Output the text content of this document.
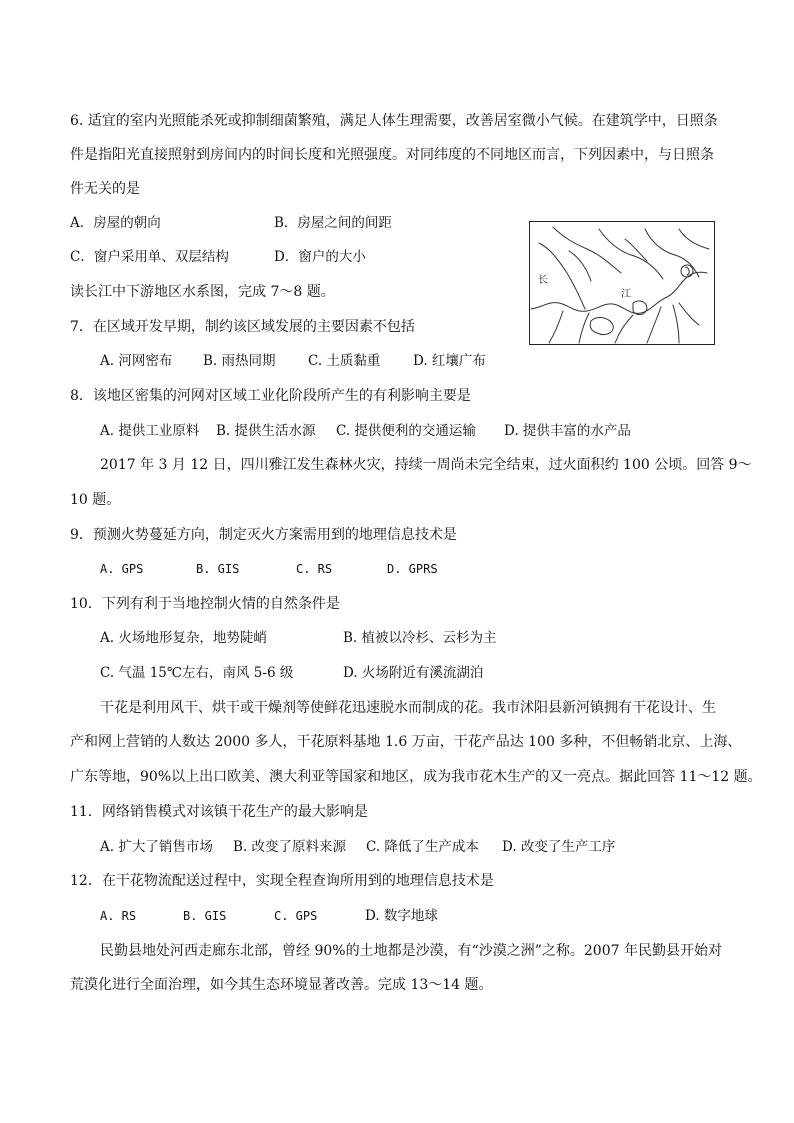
6. 适宜的室内光照能杀死或抑制细菌繁殖，满足人体生理需要，改善居室微小气候。在建筑学中，日照条
件是指阳光直接照射到房间内的时间长度和光照强度。对同纬度的不同地区而言，下列因素中，与日照条
件无关的是
A．房屋的朝向	B．房屋之间的间距
C．窗户采用单、双层结构	D．窗户的大小
长
江
读长江中下游地区水系图，完成 7～8 题。
7．在区域开发早期，制约该区域发展的主要因素不包括
A. 河网密布 B. 雨热同期 C. 土质黏重 D. 红壤广布
8．该地区密集的河网对区域工业化阶段所产生的有利影响主要是
A. 提供工业原料 B. 提供生活水源 C. 提供便利的交通运输 D. 提供丰富的水产品
2017 年 3 月 12 日，四川雅江发生森林火灾，持续一周尚未完全结束，过火面积约 100 公顷。回答 9～
10 题。
9．预测火势蔓延方向，制定灭火方案需用到的地理信息技术是
A. GPS	B. GIS	C. RS	D. GPRS
10．下列有利于当地控制火情的自然条件是
A. 火场地形复杂，地势陡峭	B. 植被以冷杉、云杉为主
C. 气温 15℃左右，南风 5-6 级	D. 火场附近有溪流湖泊
干花是利用风干、烘干或干燥剂等使鲜花迅速脱水而制成的花。我市沭阳县新河镇拥有干花设计、生
产和网上营销的人数达 2000 多人，干花原料基地 1.6 万亩，干花产品达 100 多种，不但畅销北京、上海、
广东等地，90%以上出口欧美、澳大利亚等国家和地区，成为我市花木生产的又一亮点。据此回答 11～12 题。
11．网络销售模式对该镇干花生产的最大影响是
A. 扩大了销售市场 B. 改变了原料来源 C. 降低了生产成本 D. 改变了生产工序
12．在干花物流配送过程中，实现全程查询所用到的地理信息技术是
A. RS	B. GIS	C. GPS	D. 数字地球
民勤县地处河西走廊东北部，曾经 90%的土地都是沙漠，有“沙漠之洲”之称。2007 年民勤县开始对
荒漠化进行全面治理，如今其生态环境显著改善。完成 13～14 题。
